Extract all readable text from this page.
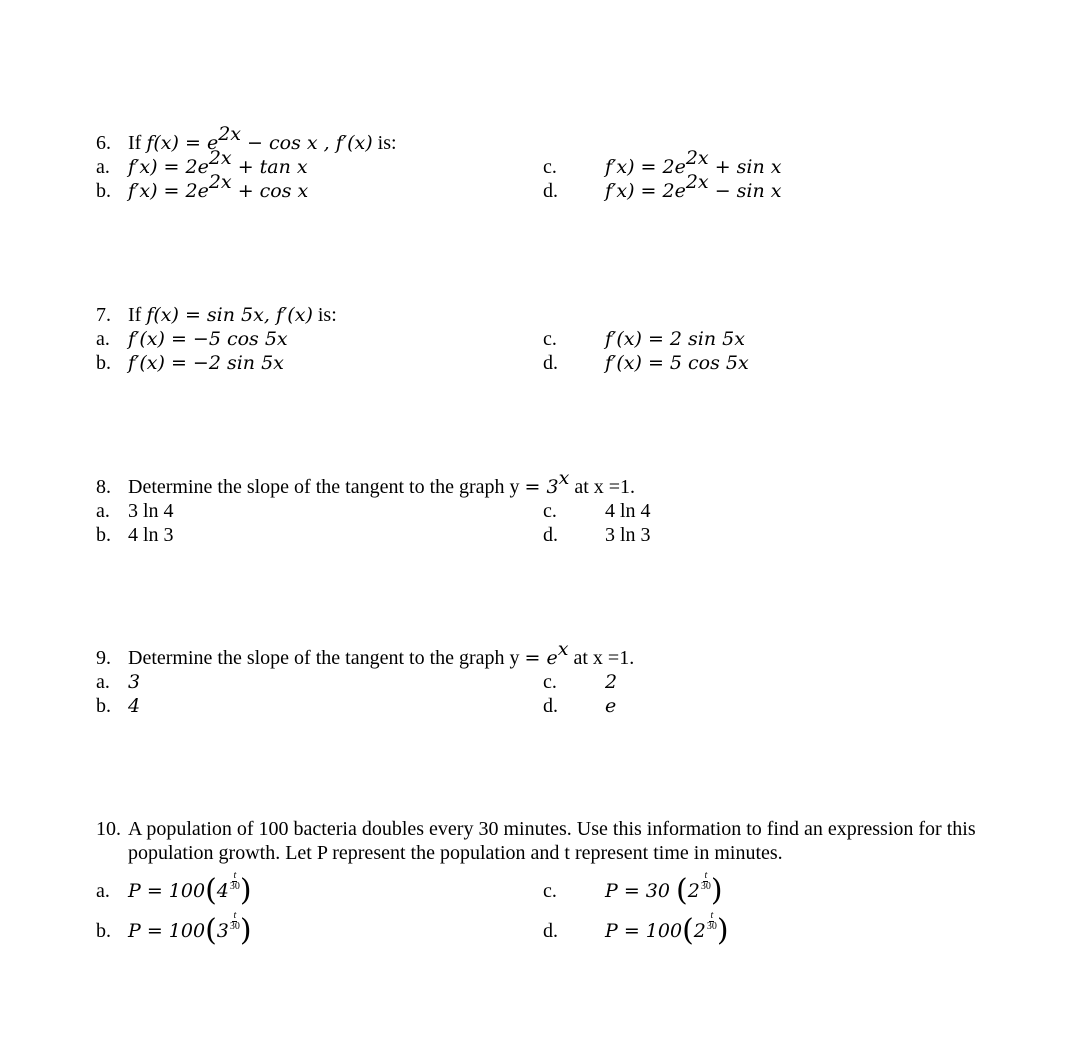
6. If $f(x) = e^{2x} - \cos x$ , f′(x) is:
a. $f'x) = 2e^{2x} + \tan x$	c.	$f'x) = 2e^{2x} + \sin x$
b. $f'x) = 2e^{2x} + \cos x$	d.	$f'x) = 2e^{2x} - \sin x$
7. If f(x) = sin 5x, f′(x) is:
a. f′(x) = −5 cos 5x	c.	f′(x) = 2 sin 5x
b. f′(x) = −2 sin 5x	d.	f′(x) = 5 cos 5x
8. Determine the slope of the tangent to the graph $y = 3^x$ at x =1.
a. 3 ln 4	c.	4 ln 4
b. 4 ln 3	d.	3 ln 3
9. Determine the slope of the tangent to the graph $y = e^x$ at x =1.
a. 3	c.	2
b. 4	d.	e
10. A population of 100 bacteria doubles every 30 minutes. Use this information to find an expression for this population growth. Let P represent the population and t represent time in minutes.
a. P = 100 ( $4 \frac{t}{30}$ )	c.	P = 30 ( $2 \frac{t}{30}$ )
b. P = 100 ( $3 \frac{t}{30}$ )	d.	P = 100 ( $2 \frac{t}{30}$ )
